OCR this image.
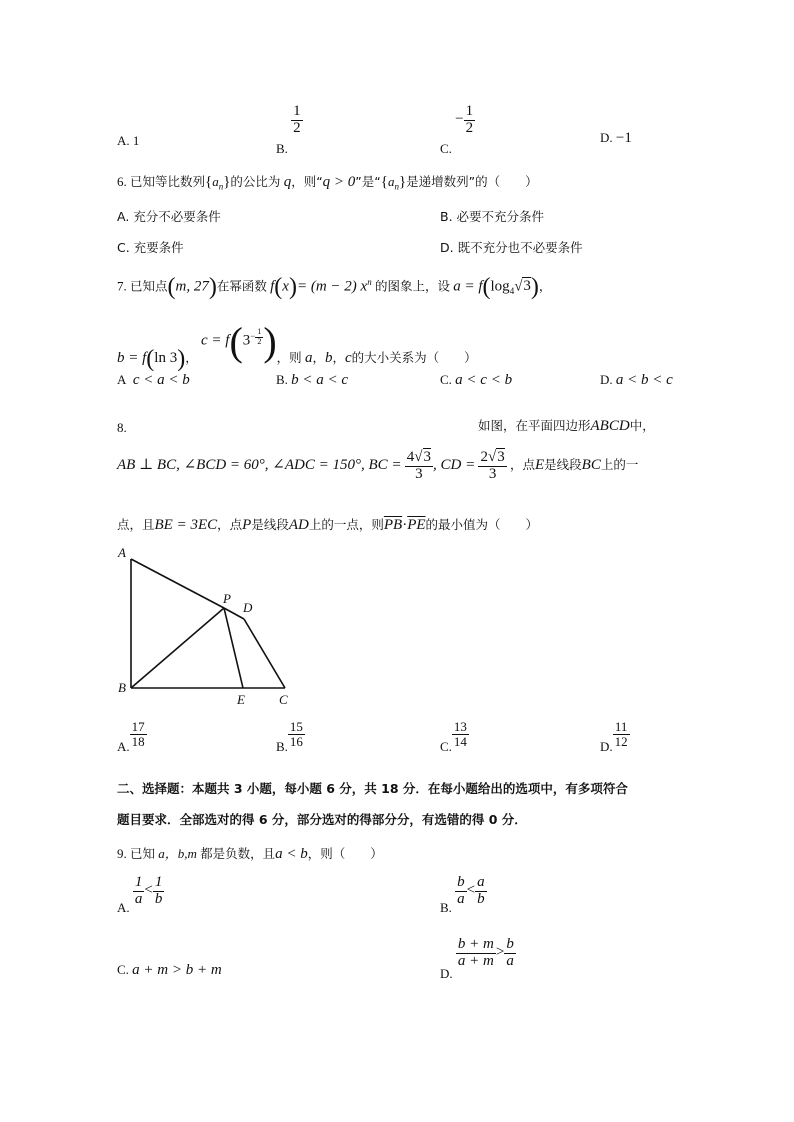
A. 1
B.
$\frac{1}{2}$
C. − $\frac{1}{2}$
D. −1
6. 已知等比数列$\{a_n\}$的公比为 q，则“q > 0”是“$\{a_n\}$是递增数列”的（　　）
A. 充分不必要条件	B. 必要不充分条件
C. 充要条件	D. 既不充分也不必要条件
7. 已知点(m, 27)在幂函数 f(x)= (m − 2) $x^n$ 的图象上，设 $a = f(\log_4√3)$，
b = f(ln 3)， $c = f(3^{- \frac{1}{2}}$ )，则 a，b，c的大小关系为（　　）
A c < a < b	B. b < a < c	C. a < c < b	D. a < b < c
8.	如图，在平面四边形ABCD中，
AB ⊥ BC, ∠BCD = 60°, ∠ADC = 150°, BC = $\frac{4√3}{3}$ , CD = $\frac{2√3}{3}$ ，点E是线段BC上的一
点，且BE = 3EC，点P是线段AD上的一点，则$\overline{PB}\cdot\overline{PE}$的最小值为（　　）
A
B
C
D
E
P
A. $\frac{17}{18}$	B. $\frac{15}{16}$	C. $\frac{13}{14}$	D. $\frac{11}{12}$
二、选择题：本题共 3 小题，每小题 6 分，共 18 分．在每小题给出的选项中，有多项符合
题目要求．全部选对的得 6 分，部分选对的得部分分，有选错的得 0 分．
9. 已知 a，b,m 都是负数，且a < b，则（　　）
A.
$\frac{1}{a} < \frac{1}{b}$
B.
$\frac{b}{a} < \frac{a}{b}$
C. a + m > b + m	D.
$\frac{b + m}{a + m} > \frac{b}{a}$
